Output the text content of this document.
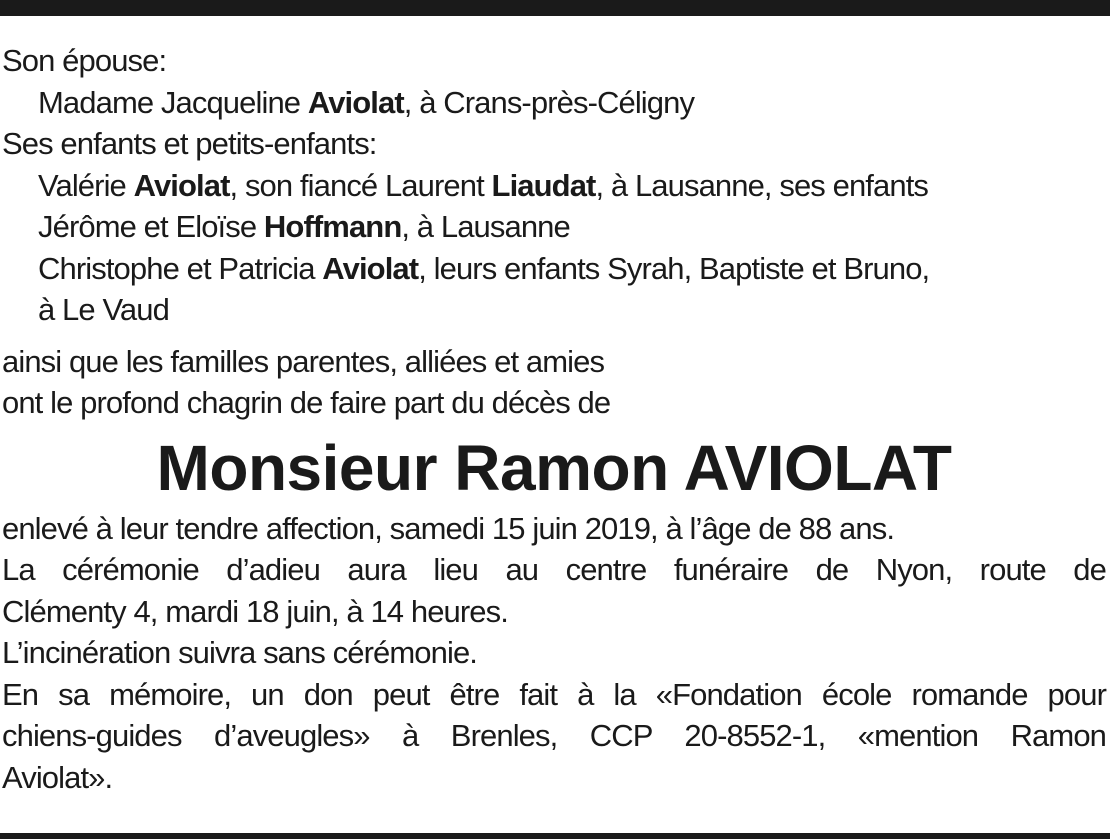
Son épouse:
Madame Jacqueline Aviolat, à Crans-près-Céligny
Ses enfants et petits-enfants:
Valérie Aviolat, son fiancé Laurent Liaudat, à Lausanne, ses enfants
Jérôme et Eloïse Hoffmann, à Lausanne
Christophe et Patricia Aviolat, leurs enfants Syrah, Baptiste et Bruno,
à Le Vaud
ainsi que les familles parentes, alliées et amies
ont le profond chagrin de faire part du décès de
Monsieur Ramon AVIOLAT
enlevé à leur tendre affection, samedi 15 juin 2019, à l’âge de 88 ans.
La cérémonie d’adieu aura lieu au centre funéraire de Nyon, route de
Clémenty 4, mardi 18 juin, à 14 heures.
L’incinération suivra sans cérémonie.
En sa mémoire, un don peut être fait à la «Fondation école romande pour
chiens-guides d’aveugles» à Brenles, CCP 20-8552-1, «mention Ramon
Aviolat».
